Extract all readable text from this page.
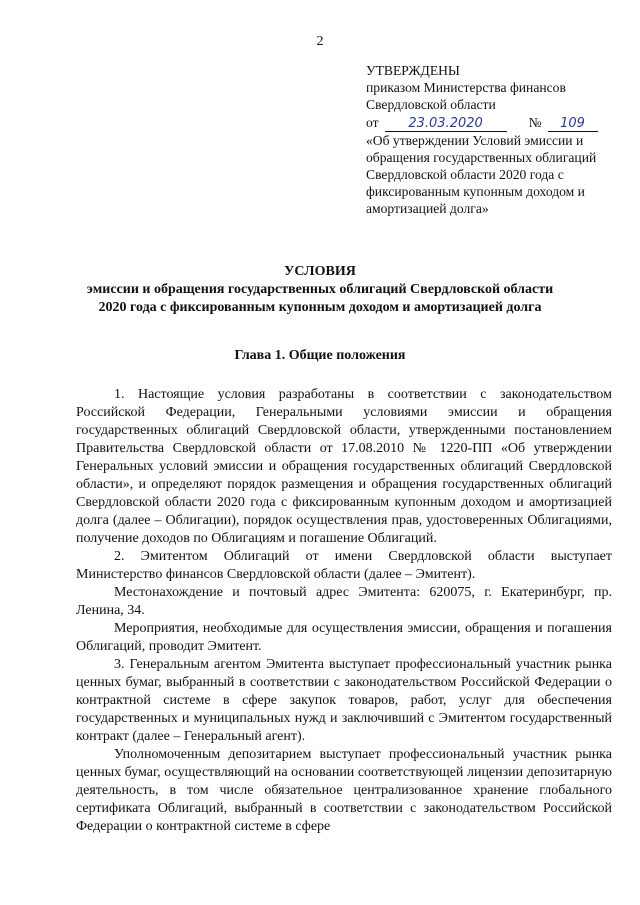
2
УТВЕРЖДЕНЫ
приказом Министерства финансов
Свердловской области
от	23.03.2020	№	109
«Об утверждении Условий эмиссии и обращения государственных облигаций Свердловской области 2020 года с фиксированным купонным доходом и амортизацией долга»
УСЛОВИЯ
эмиссии и обращения государственных облигаций Свердловской области
2020 года с фиксированным купонным доходом и амортизацией долга
Глава 1. Общие положения

1. Настоящие условия разработаны в соответствии с законодательством Российской Федерации, Генеральными условиями эмиссии и обращения государственных облигаций Свердловской области, утвержденными постановлением Правительства Свердловской области от 17.08.2010 № 1220-ПП «Об утверждении Генеральных условий эмиссии и обращения государственных облигаций Свердловской области», и определяют порядок размещения и обращения государственных облигаций Свердловской области 2020 года с фиксированным купонным доходом и амортизацией долга (далее – Облигации), порядок осуществления прав, удостоверенных Облигациями, получение доходов по Облигациям и погашение Облигаций.

2. Эмитентом Облигаций от имени Свердловской области выступает Министерство финансов Свердловской области (далее – Эмитент).

Местонахождение и почтовый адрес Эмитента: 620075, г. Екатеринбург, пр. Ленина, 34.

Мероприятия, необходимые для осуществления эмиссии, обращения и погашения Облигаций, проводит Эмитент.

3. Генеральным агентом Эмитента выступает профессиональный участник рынка ценных бумаг, выбранный в соответствии с законодательством Российской Федерации о контрактной системе в сфере закупок товаров, работ, услуг для обеспечения государственных и муниципальных нужд и заключивший с Эмитентом государственный контракт (далее – Генеральный агент).

Уполномоченным депозитарием выступает профессиональный участник рынка ценных бумаг, осуществляющий на основании соответствующей лицензии депозитарную деятельность, в том числе обязательное централизованное хранение глобального сертификата Облигаций, выбранный в соответствии с законодательством Российской Федерации о контрактной системе в сфере
